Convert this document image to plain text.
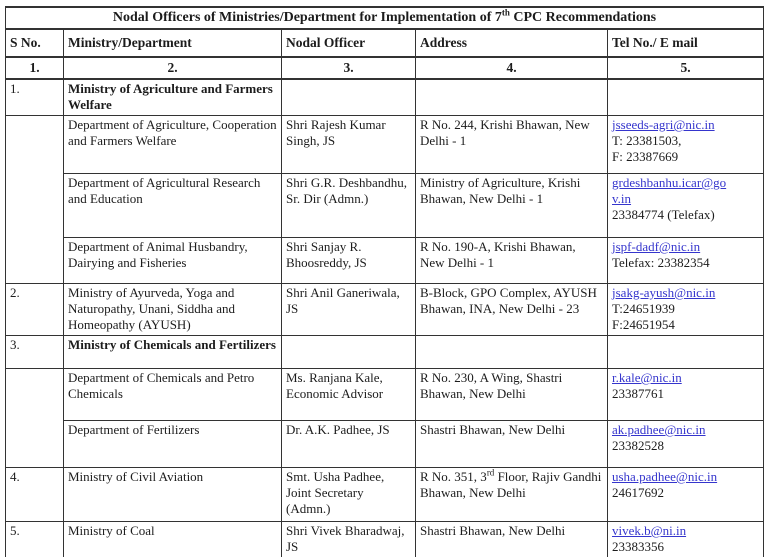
Nodal Officers of Ministries/Department for Implementation of 7th CPC Recommendations				
S No.	Ministry/Department	Nodal Officer	Address	Tel No./ E mail
1.	2.	3.	4.	5.
1.	Ministry of Agriculture and Farmers Welfare			
	Department of Agriculture, Cooperation and Farmers Welfare	Shri Rajesh Kumar Singh, JS	R No. 244, Krishi Bhawan, New Delhi - 1	jsseeds-agri@nic.in
T: 23381503,
F: 23387669

	Department of Agricultural Research and Education	Shri G.R. Deshbandhu, Sr. Dir (Admn.)	Ministry of Agriculture, Krishi Bhawan, New Delhi - 1	grdeshbanhu.icar@gov.in
23384774 (Telefax)

	Department of Animal Husbandry, Dairying and Fisheries	Shri Sanjay R. Bhoosreddy, JS	R No. 190-A, Krishi Bhawan, New Delhi - 1	jspf-dadf@nic.in
Telefax: 23382354

2.	Ministry of Ayurveda, Yoga and Naturopathy, Unani, Siddha and Homeopathy (AYUSH)	Shri Anil Ganeriwala, JS	B-Block, GPO Complex, AYUSH Bhawan, INA, New Delhi - 23	jsakg-ayush@nic.in
T:24651939
F:24651954

3.	Ministry of Chemicals and Fertilizers			
	Department of Chemicals and Petro Chemicals	Ms. Ranjana Kale, Economic Advisor	R No. 230, A Wing, Shastri Bhawan, New Delhi	r.kale@nic.in
23387761

	Department of Fertilizers	Dr. A.K. Padhee, JS	Shastri Bhawan, New Delhi	ak.padhee@nic.in
23382528

4.	Ministry of Civil Aviation	Smt. Usha Padhee, Joint Secretary (Admn.)	R No. 351, 3rd Floor, Rajiv Gandhi Bhawan, New Delhi	usha.padhee@nic.in
24617692

5.	Ministry of Coal	Shri Vivek Bharadwaj, JS	Shastri Bhawan, New Delhi	vivek.b@ni.in
23383356
